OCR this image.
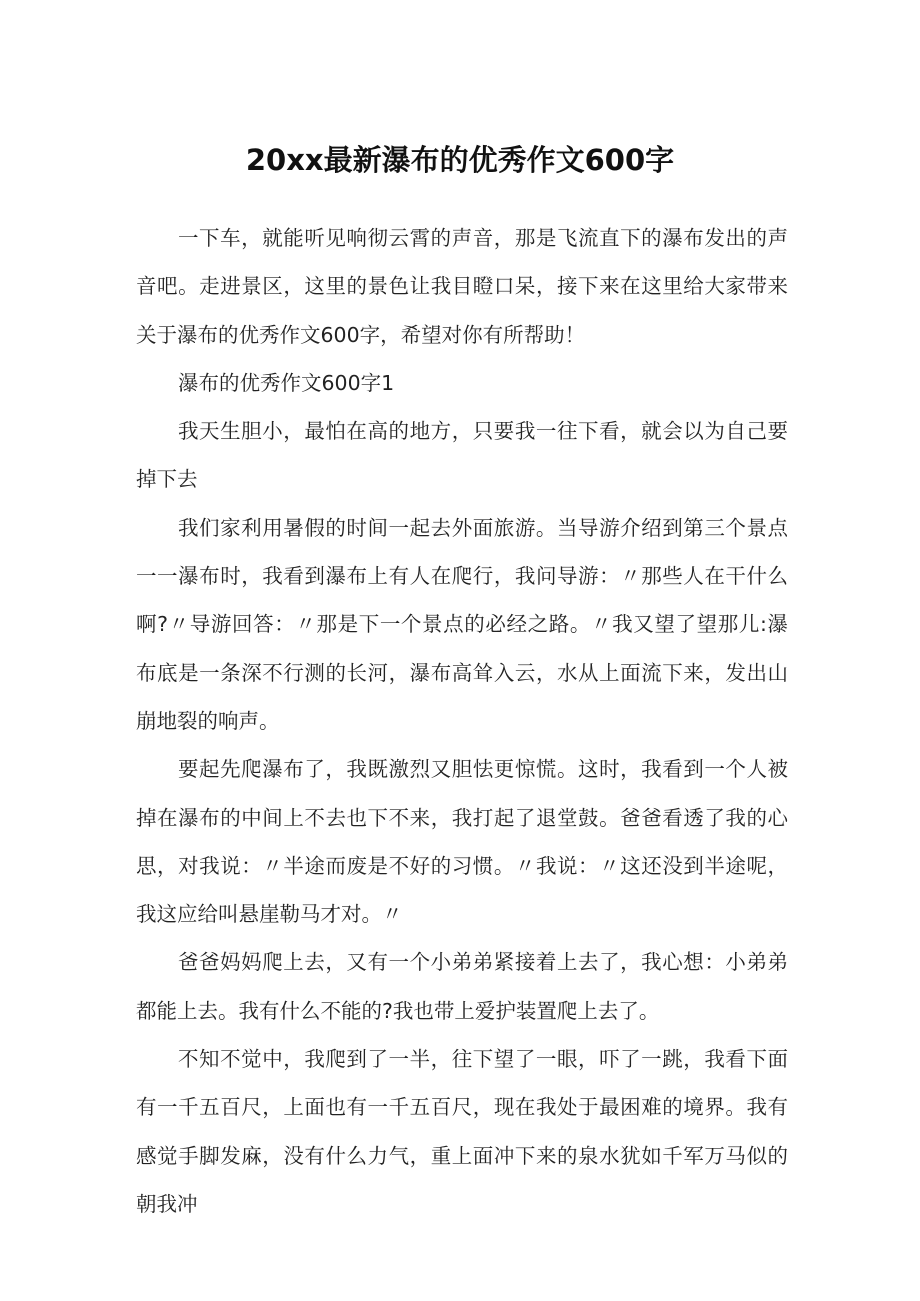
20xx最新瀑布的优秀作文600字

一下车，就能听见响彻云霄的声音，那是飞流直下的瀑布发出的声音吧。走进景区，这里的景色让我目瞪口呆，接下来在这里给大家带来关于瀑布的优秀作文600字，希望对你有所帮助！

瀑布的优秀作文600字1

我天生胆小，最怕在高的地方，只要我一往下看，就会以为自己要掉下去

我们家利用暑假的时间一起去外面旅游。当导游介绍到第三个景点一一瀑布时，我看到瀑布上有人在爬行，我问导游：〃那些人在干什么啊?〃导游回答：〃那是下一个景点的必经之路。〃我又望了望那儿:瀑布底是一条深不行测的长河，瀑布高耸入云，水从上面流下来，发出山崩地裂的响声。

要起先爬瀑布了，我既激烈又胆怯更惊慌。这时，我看到一个人被掉在瀑布的中间上不去也下不来，我打起了退堂鼓。爸爸看透了我的心思，对我说：〃半途而废是不好的习惯。〃我说：〃这还没到半途呢，我这应给叫悬崖勒马才对。〃

爸爸妈妈爬上去，又有一个小弟弟紧接着上去了，我心想：小弟弟都能上去。我有什么不能的?我也带上爱护装置爬上去了。

不知不觉中，我爬到了一半，往下望了一眼，吓了一跳，我看下面有一千五百尺，上面也有一千五百尺，现在我处于最困难的境界。我有感觉手脚发麻，没有什么力气，重上面冲下来的泉水犹如千军万马似的朝我冲
